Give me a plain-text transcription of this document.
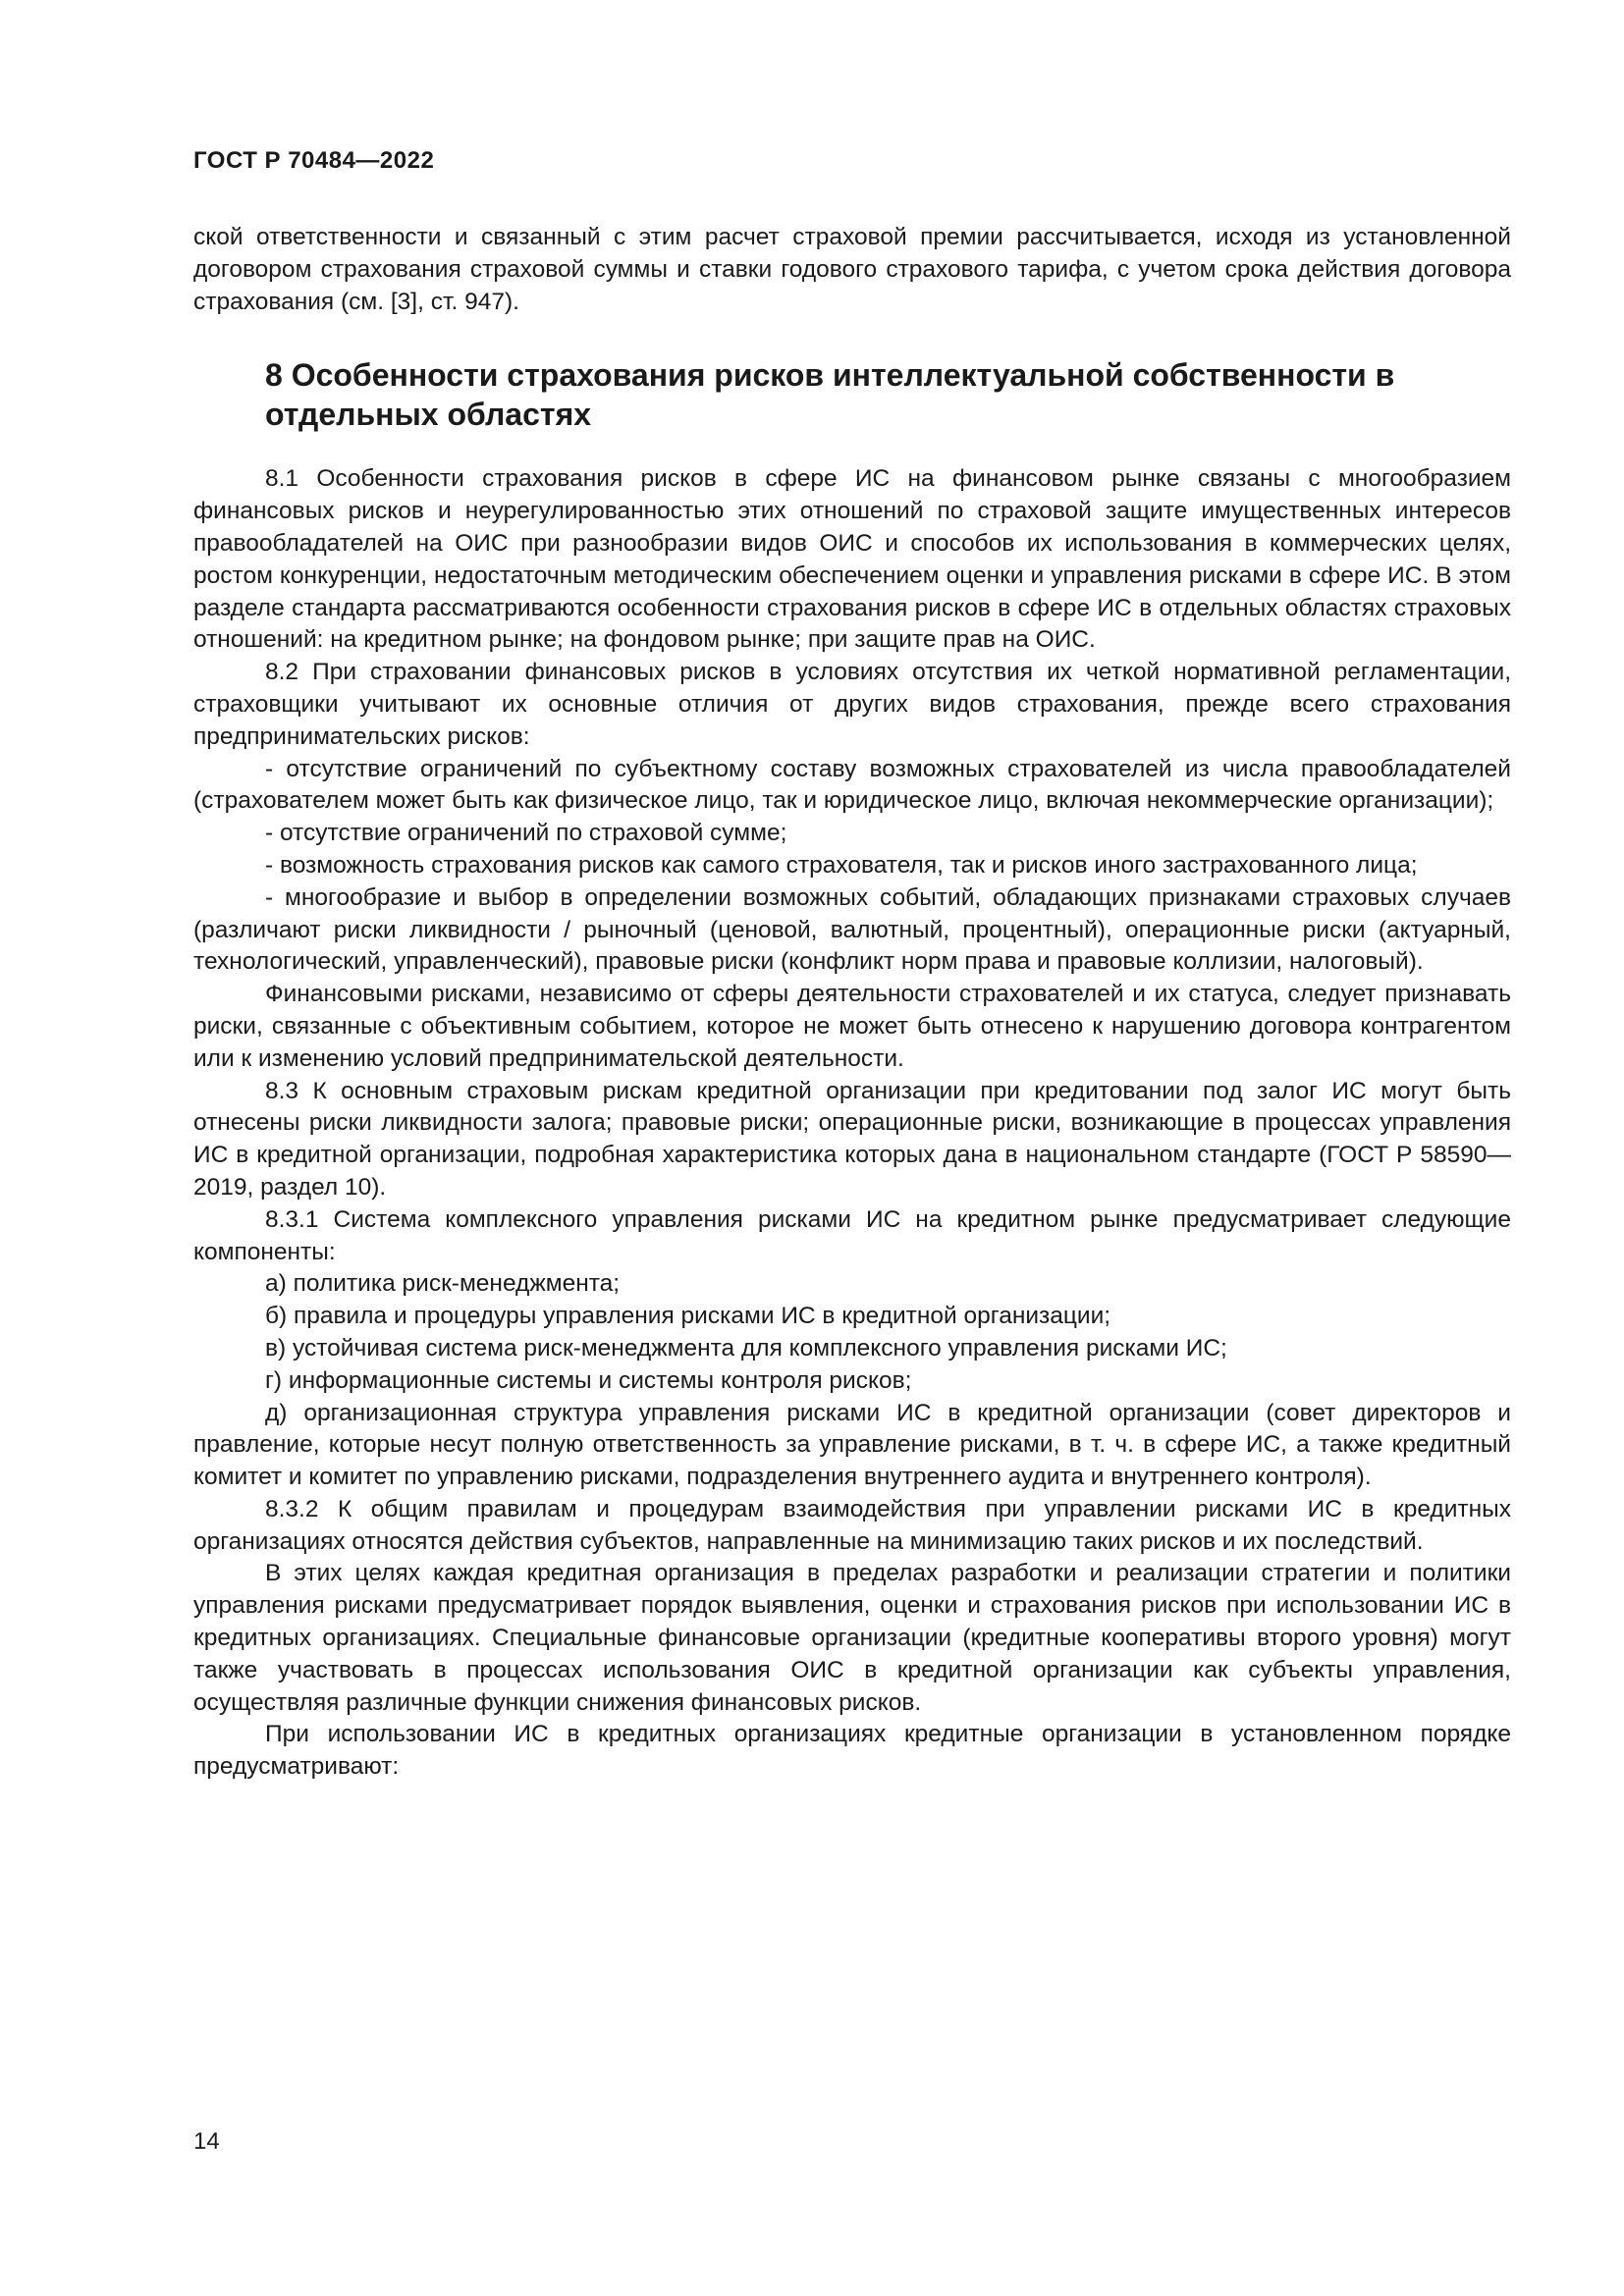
ГОСТ Р 70484—2022

ской ответственности и связанный с этим расчет страховой премии рассчитывается, исходя из установленной договором страхования страховой суммы и ставки годового страхового тарифа, с учетом срока действия договора страхования (см. [3], ст. 947).

8 Особенности страхования рисков интеллектуальной собственности в отдельных областях

8.1 Особенности страхования рисков в сфере ИС на финансовом рынке связаны с многообразием финансовых рисков и неурегулированностью этих отношений по страховой защите имущественных интересов правообладателей на ОИС при разнообразии видов ОИС и способов их использования в коммерческих целях, ростом конкуренции, недостаточным методическим обеспечением оценки и управления рисками в сфере ИС. В этом разделе стандарта рассматриваются особенности страхования рисков в сфере ИС в отдельных областях страховых отношений: на кредитном рынке; на фондовом рынке; при защите прав на ОИС.

8.2 При страховании финансовых рисков в условиях отсутствия их четкой нормативной регламентации, страховщики учитывают их основные отличия от других видов страхования, прежде всего страхования предпринимательских рисков:

- отсутствие ограничений по субъектному составу возможных страхователей из числа правообладателей (страхователем может быть как физическое лицо, так и юридическое лицо, включая некоммерческие организации);

- отсутствие ограничений по страховой сумме;

- возможность страхования рисков как самого страхователя, так и рисков иного застрахованного лица;

- многообразие и выбор в определении возможных событий, обладающих признаками страховых случаев (различают риски ликвидности / рыночный (ценовой, валютный, процентный), операционные риски (актуарный, технологический, управленческий), правовые риски (конфликт норм права и правовые коллизии, налоговый).

Финансовыми рисками, независимо от сферы деятельности страхователей и их статуса, следует признавать риски, связанные с объективным событием, которое не может быть отнесено к нарушению договора контрагентом или к изменению условий предпринимательской деятельности.

8.3 К основным страховым рискам кредитной организации при кредитовании под залог ИС могут быть отнесены риски ликвидности залога; правовые риски; операционные риски, возникающие в процессах управления ИС в кредитной организации, подробная характеристика которых дана в национальном стандарте (ГОСТ Р 58590—2019, раздел 10).

8.3.1 Система комплексного управления рисками ИС на кредитном рынке предусматривает следующие компоненты:

а) политика риск-менеджмента;

б) правила и процедуры управления рисками ИС в кредитной организации;

в) устойчивая система риск-менеджмента для комплексного управления рисками ИС;

г) информационные системы и системы контроля рисков;

д) организационная структура управления рисками ИС в кредитной организации (совет директоров и правление, которые несут полную ответственность за управление рисками, в т. ч. в сфере ИС, а также кредитный комитет и комитет по управлению рисками, подразделения внутреннего аудита и внутреннего контроля).

8.3.2 К общим правилам и процедурам взаимодействия при управлении рисками ИС в кредитных организациях относятся действия субъектов, направленные на минимизацию таких рисков и их последствий.

В этих целях каждая кредитная организация в пределах разработки и реализации стратегии и политики управления рисками предусматривает порядок выявления, оценки и страхования рисков при использовании ИС в кредитных организациях. Специальные финансовые организации (кредитные кооперативы второго уровня) могут также участвовать в процессах использования ОИС в кредитной организации как субъекты управления, осуществляя различные функции снижения финансовых рисков.

При использовании ИС в кредитных организациях кредитные организации в установленном порядке предусматривают:

14
